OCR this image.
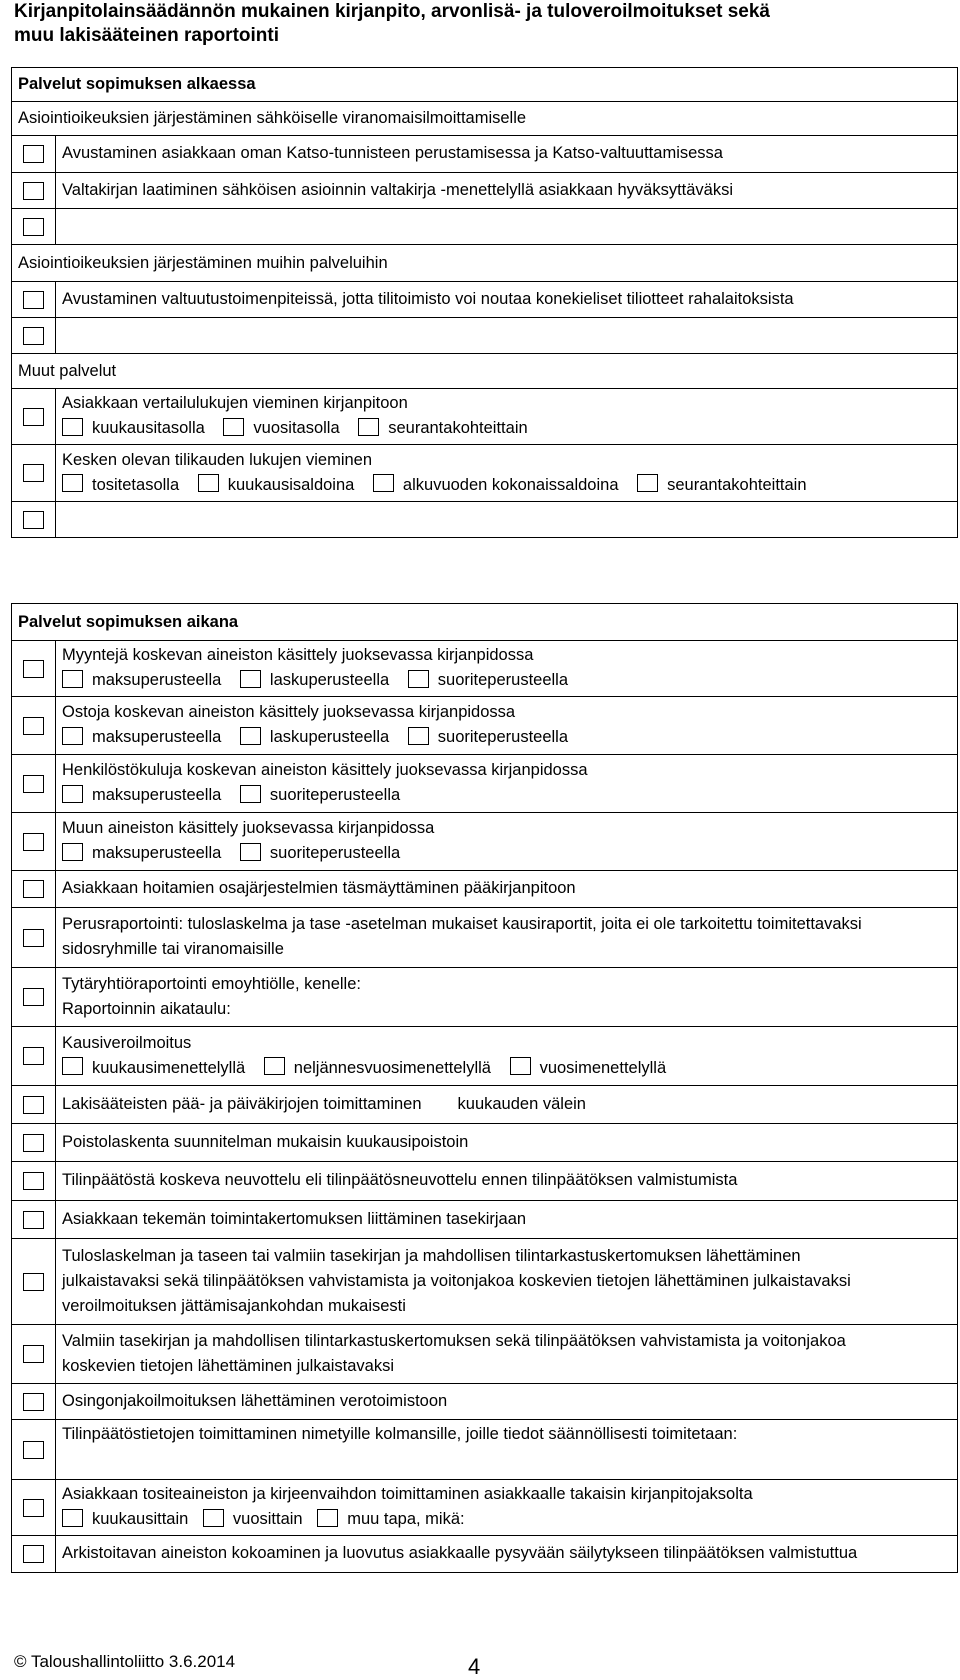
Kirjanpitolainsäädännön mukainen kirjanpito, arvonlisä- ja tuloveroilmoitukset sekä
muu lakisääteinen raportointi
Palvelut sopimuksen alkaessa	
Asiointioikeuksien järjestäminen sähköiselle viranomaisilmoittamiselle	
	Avustaminen asiakkaan oman Katso-tunnisteen perustamisessa ja Katso-valtuuttamisessa
	Valtakirjan laatiminen sähköisen asioinnin valtakirja -menettelyllä asiakkaan hyväksyttäväksi

Asiointioikeuksien järjestäminen muihin palveluihin	
	Avustaminen valtuutustoimenpiteissä, jotta tilitoimisto voi noutaa konekieliset tiliotteet rahalaitoksista

Muut palvelut	

	Asiakkaan vertailulukujen vieminen kirjanpitoon
kuukausitasolla vuositasolla seurantakohteittain

	Kesken olevan tilikauden lukujen vieminen
tositetasolla kuukausisaldoina alkuvuoden kokonaissaldoina seurantakohteittain

Palvelut sopimuksen aikana	

	Myyntejä koskevan aineiston käsittely juoksevassa kirjanpidossa
maksuperusteella laskuperusteella suoriteperusteella

	Ostoja koskevan aineiston käsittely juoksevassa kirjanpidossa
maksuperusteella laskuperusteella suoriteperusteella

	Henkilöstökuluja koskevan aineiston käsittely juoksevassa kirjanpidossa
maksuperusteella suoriteperusteella

	Muun aineiston käsittely juoksevassa kirjanpidossa
maksuperusteella suoriteperusteella

	Asiakkaan hoitamien osajärjestelmien täsmäyttäminen pääkirjanpitoon

	Perusraportointi: tuloslaskelma ja tase -asetelman mukaiset kausiraportit, joita ei ole tarkoitettu toimitettavaksi
sidosryhmille tai viranomaisille

	Tytäryhtiöraportointi emoyhtiölle, kenelle:
Raportoinnin aikataulu:

	Kausiveroilmoitus
kuukausimenettelyllä neljännesvuosimenettelyllä vuosimenettelyllä

	Lakisääteisten pää- ja päiväkirjojen toimittaminen kuukauden välein
	Poistolaskenta suunnitelman mukaisin kuukausipoistoin
	Tilinpäätöstä koskeva neuvottelu eli tilinpäätösneuvottelu ennen tilinpäätöksen valmistumista
	Asiakkaan tekemän toimintakertomuksen liittäminen tasekirjaan

	Tuloslaskelman ja taseen tai valmiin tasekirjan ja mahdollisen tilintarkastuskertomuksen lähettäminen
julkaistavaksi sekä tilinpäätöksen vahvistamista ja voitonjakoa koskevien tietojen lähettäminen julkaistavaksi
veroilmoituksen jättämisajankohdan mukaisesti

	Valmiin tasekirjan ja mahdollisen tilintarkastuskertomuksen sekä tilinpäätöksen vahvistamista ja voitonjakoa
koskevien tietojen lähettäminen julkaistavaksi

	Osingonjakoilmoituksen lähettäminen verotoimistoon
	Tilinpäätöstietojen toimittaminen nimetyille kolmansille, joille tiedot säännöllisesti toimitetaan:

	Asiakkaan tositeaineiston ja kirjeenvaihdon toimittaminen asiakkaalle takaisin kirjanpitojaksolta
kuukausittain vuosittain muu tapa, mikä:

	Arkistoitavan aineiston kokoaminen ja luovutus asiakkaalle pysyvään säilytykseen tilinpäätöksen valmistuttua
© Taloushallintoliitto 3.6.2014	4
